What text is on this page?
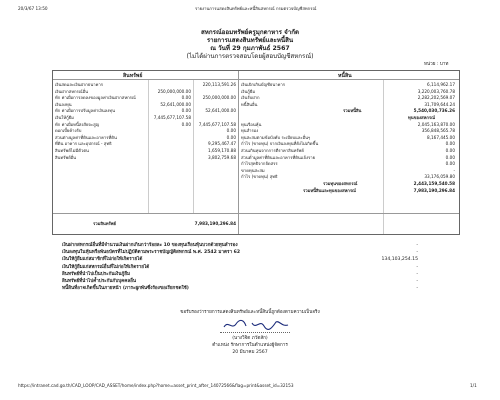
20/3/67 13:50	รายงานการแสดงสินทรัพย์และหนี้สินสหกรณ์ กรมตรวจบัญชีสหกรณ์
สหกรณ์ออมทรัพย์ครูมุกดาหาร จำกัด
รายการแสดงสินทรัพย์และหนี้สิน
ณ วันที่ 29 กุมภาพันธ์ 2567
(ไม่ได้ผ่านการตรวจสอบโดยผู้สอบบัญชีสหกรณ์)
หน่วย : บาท
สินทรัพย์	หนี้สิน
เงินสดและเงินฝากธนาคาร	220,113,591.26
เงินฝากสหกรณ์อื่น	250,000,000.00
หัก ค่าเผื่อการลดลงของมูลค่าเงินฝากสหกรณ์	0.00	250,000,000.00
เงินลงทุน	52,641,000.00
หัก ค่าเผื่อการปรับมูลค่าเงินลงทุน	0.00	52,641,000.00
เงินให้กู้ยืม	7,445,677,107.58
หัก ค่าเผื่อหนี้สงสัยจะสูญ	0.00	7,445,677,107.58
ดอกเบี้ยค้างรับ	0.00
ส่วนต่างมูลค่าที่ดินและอาคารที่ดิน	0.00
ที่ดิน อาคาร และอุปกรณ์ - สุทธิ	9,295,467.47
สินทรัพย์ไม่มีตัวตน	1,659,170.88
สินทรัพย์อื่น	3,802,759.68
เงินเบิกเกินบัญชีธนาคาร	6,114,962.17
เงินกู้ยืม	3,220,003,760.78
เงินรับฝาก	2,282,202,569.07
หนี้สินอื่น	31,709,644.24
รวมหนี้สิน	5,540,030,736.26
ทุนของสหกรณ์
ทุนเรือนหุ้น	2,045,163,870.00
ทุนสำรอง	356,848,565.78
ทุนสะสมตามข้อบังคับ ระเบียบและอื่นๆ	8,167,445.00
กำไร (ขาดทุน) จากเงินลงทุนที่ยังไม่เกิดขึ้น	0.00
ส่วนเกินทุนจากการตีราคาสินทรัพย์	0.00
ส่วนต่ำมูลค่าที่ดินและอาคารที่ดินแจ้งราย	0.00
กำไรสุทธิจากจัดสรร	0.00
ขาดทุนสะสม	-
กำไร (ขาดทุน) สุทธิ	33,176,059.80
รวมทุนของสหกรณ์	2,443,159,540.58
รวมหนี้สินและทุนของสหกรณ์	7,983,190,296.84
รวมสินทรัพย์	7,983,190,296.84
เงินฝากสหกรณ์อื่นที่มีจำนวนเงินฝากเกินกว่าร้อยละ 10 ของทุนเรือนหุ้นบวกด้วยทุนสำรอง	-
เงินลงทุนในหุ้นหรือพันธบัตรที่ไม่ปฏิบัติตามพระราชบัญญัติสหกรณ์ พ.ศ. 2542 มาตรา 62	-
เงินให้กู้ยืมแก่สมาชิกที่ไม่ก่อให้เกิดรายได้	134,103,254.15
เงินให้กู้ยืมแก่สหกรณ์อื่นที่ไม่ก่อให้เกิดรายได้	-
สินทรัพย์ที่นำไปเป็นประกันเงินกู้ยืม	-
สินทรัพย์ที่นำไปค้ำประกันกับบุคคลอื่น	-
หนี้สินที่อาจเกิดขึ้นในภายหน้า (ภาระผูกพันซึ่งร้องขอเรียกชดใช้)	-
ขอรับรองว่ารายการแสดงสินทรัพย์และหนี้สินนี้ถูกต้องตามความเป็นจริง
(นางวิจิต ภวัตสัก)
ตำแหน่ง รักษาการในตำแหน่งผู้จัดการ
20 มีนาคม 2567
https://intranet.cad.go.th/CAD_LOOP/CAD_ASSET/home/index.php?home=asset_print_after_14072566&flag=print&asset_id=32153	1/1
